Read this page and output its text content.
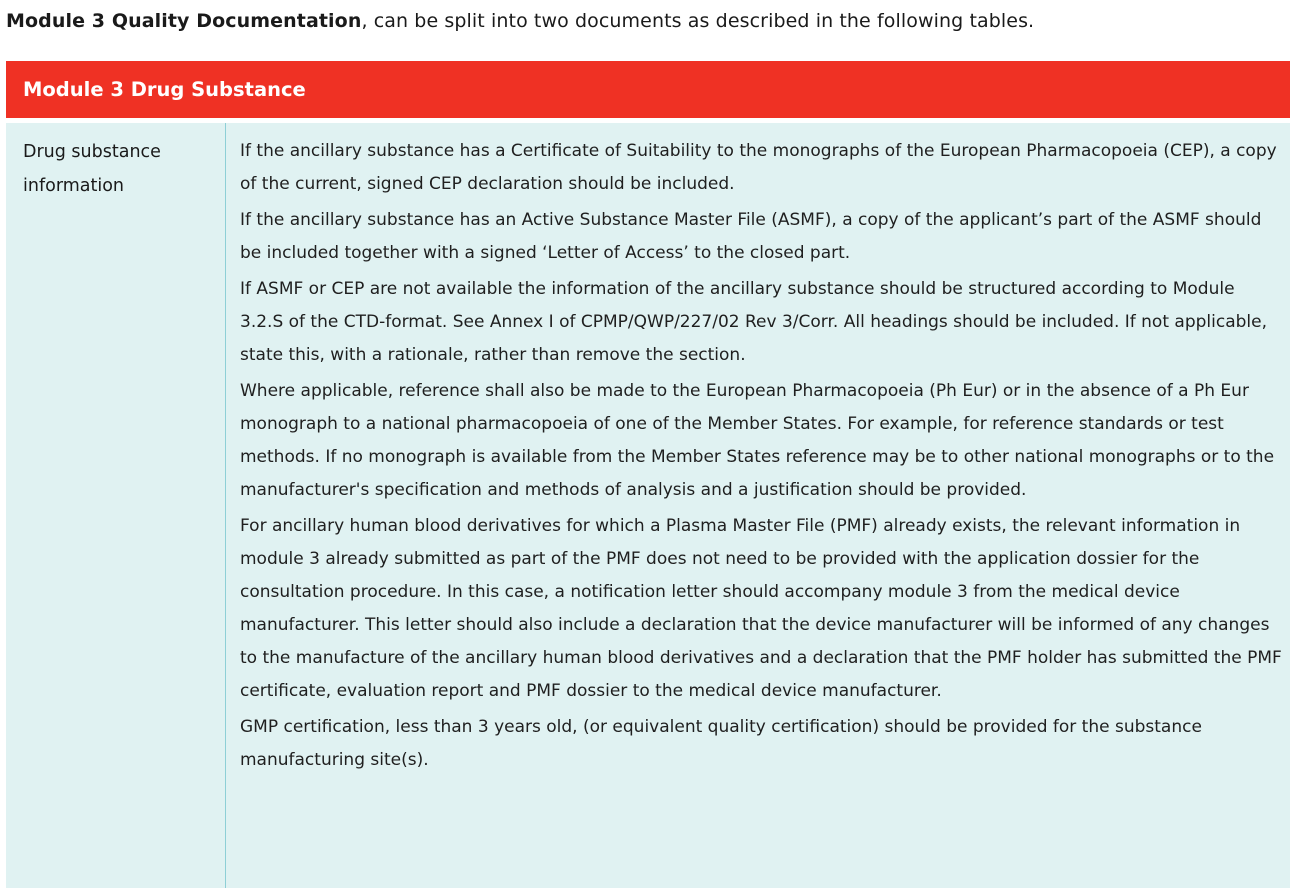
Module 3 Quality Documentation, can be split into two documents as described in the following tables.
Module 3 Drug Substance
Drug substance information

If the ancillary substance has a Certificate of Suitability to the monographs of the European Pharmacopoeia (CEP), a copy of the current, signed CEP declaration should be included.

If the ancillary substance has an Active Substance Master File (ASMF), a copy of the applicant’s part of the ASMF should be included together with a signed ‘Letter of Access’ to the closed part.

If ASMF or CEP are not available the information of the ancillary substance should be structured according to Module 3.2.S of the CTD-format. See Annex I of CPMP/QWP/227/02 Rev 3/Corr. All headings should be included. If not applicable, state this, with a rationale, rather than remove the section.

Where applicable, reference shall also be made to the European Pharmacopoeia (Ph Eur) or in the absence of a Ph Eur monograph to a national pharmacopoeia of one of the Member States. For example, for reference standards or test methods. If no monograph is available from the Member States reference may be to other national monographs or to the manufacturer's specification and methods of analysis and a justification should be provided.

For ancillary human blood derivatives for which a Plasma Master File (PMF) already exists, the relevant information in module 3 already submitted as part of the PMF does not need to be provided with the application dossier for the consultation procedure. In this case, a notification letter should accompany module 3 from the medical device manufacturer. This letter should also include a declaration that the device manufacturer will be informed of any changes to the manufacture of the ancillary human blood derivatives and a declaration that the PMF holder has submitted the PMF certificate, evaluation report and PMF dossier to the medical device manufacturer.

GMP certification, less than 3 years old, (or equivalent quality certification) should be provided for the substance manufacturing site(s).
